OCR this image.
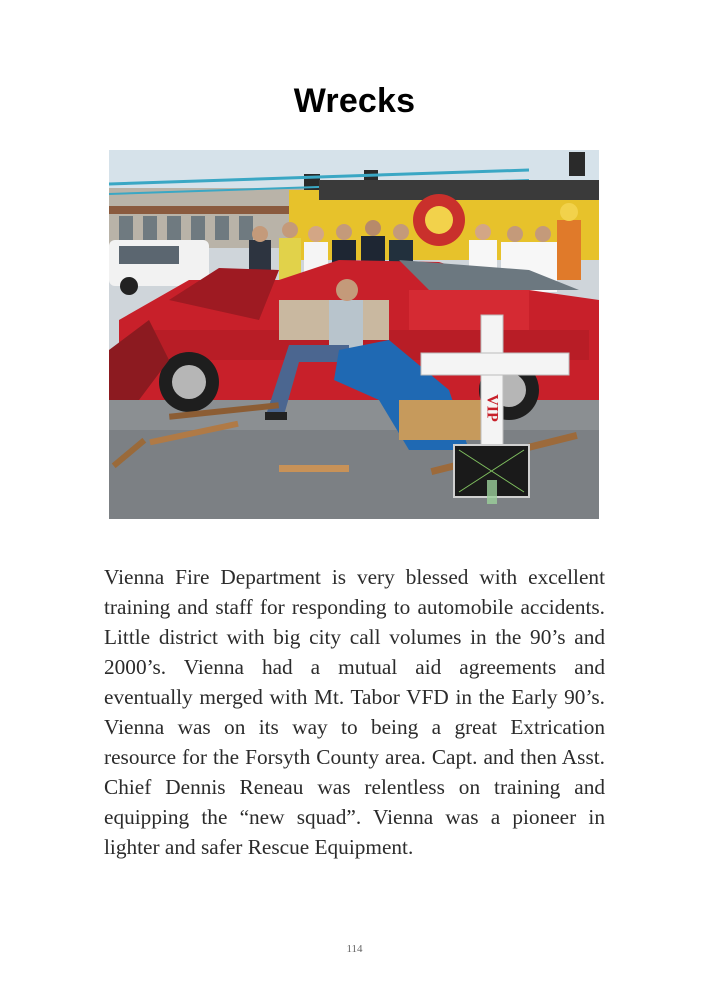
Wrecks
VIP

Vienna Fire Department is very blessed with excellent training and staff for responding to automobile accidents. Little district with big city call volumes in the 90’s and 2000’s. Vienna had a mutual aid agreements and eventually merged with Mt. Tabor VFD in the Early 90’s. Vienna was on its way to being a great Extrication resource for the Forsyth County area. Capt. and then Asst. Chief Dennis Reneau was relentless on training and equipping the “new squad”. Vienna was a pioneer in lighter and safer Rescue Equipment.

114
